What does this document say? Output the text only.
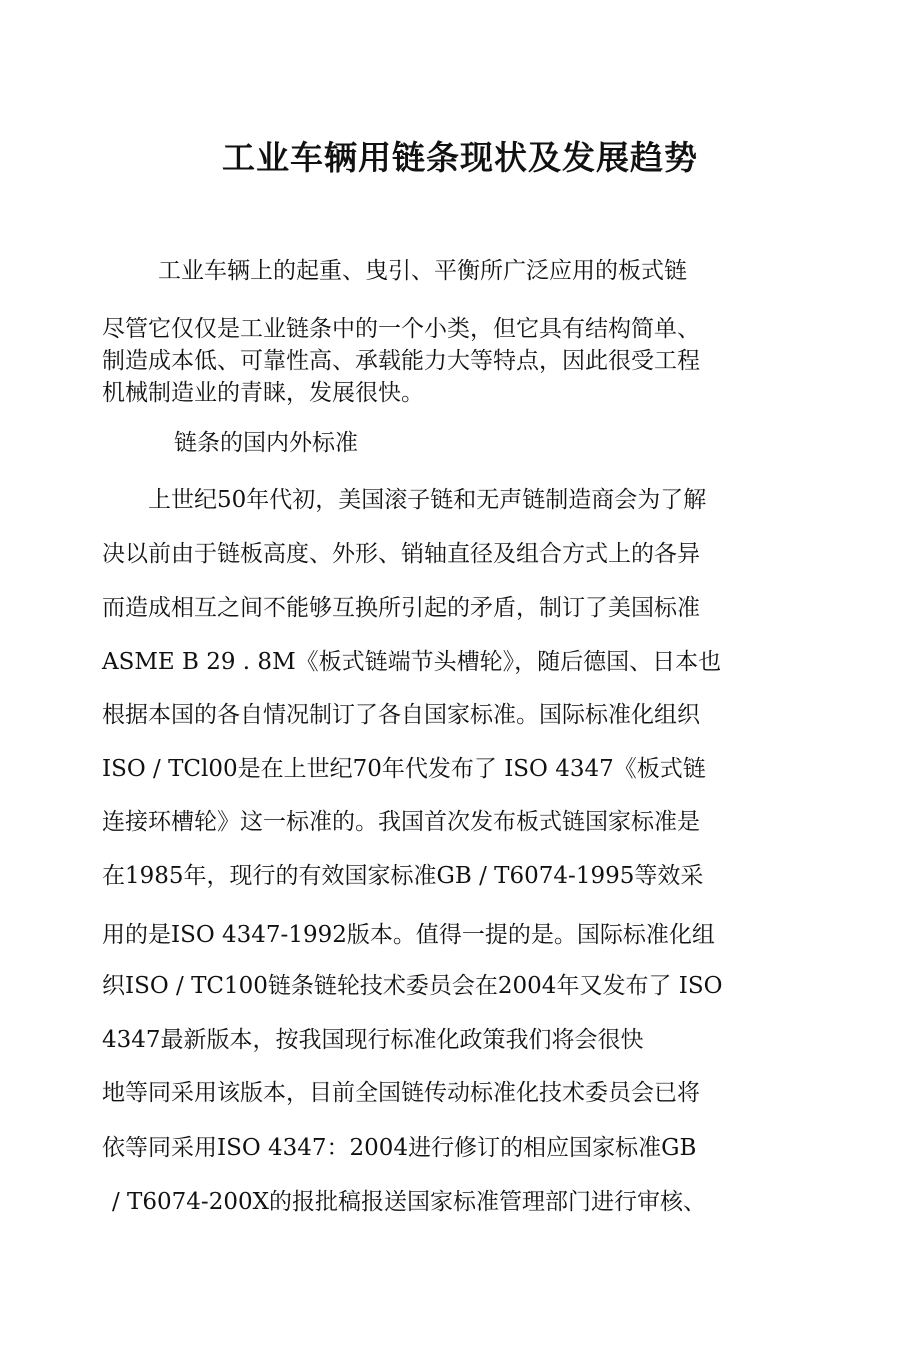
工业车辆用链条现状及发展趋势
工业车辆上的起重、曳引、平衡所广泛应用的板式链
尽管它仅仅是工业链条中的一个小类，但它具有结构简单、
制造成本低、可靠性高、承载能力大等特点，因此很受工程
机械制造业的青睐，发展很快。
链条的国内外标准
上世纪50年代初，美国滚子链和无声链制造商会为了解
决以前由于链板高度、外形、销轴直径及组合方式上的各异
而造成相互之间不能够互换所引起的矛盾，制订了美国标准
ASME B 29 . 8M《板式链端节头槽轮》，随后德国、日本也
根据本国的各自情况制订了各自国家标准。国际标准化组织
ISO / TCl00是在上世纪70年代发布了 ISO 4347《板式链
连接环槽轮》这一标准的。我国首次发布板式链国家标准是
在1985年，现行的有效国家标准GB / T6074-1995等效采
用的是ISO 4347-1992版本。值得一提的是。国际标准化组
织ISO / TC100链条链轮技术委员会在2004年又发布了 ISO
4347最新版本，按我国现行标准化政策我们将会很快
地等同采用该版本，目前全国链传动标准化技术委员会已将
依等同采用ISO 4347：2004进行修订的相应国家标准GB
/ T6074-200X的报批稿报送国家标准管理部门进行审核、
